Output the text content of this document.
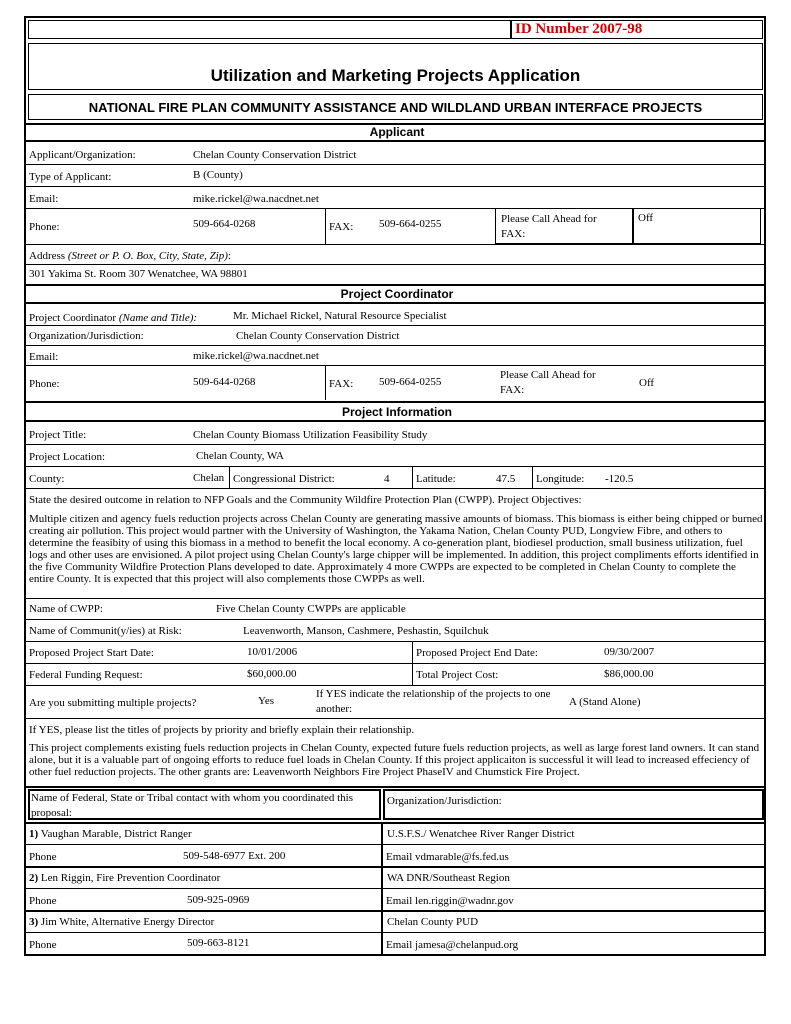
ID Number 2007-98
Utilization and Marketing Projects Application
NATIONAL FIRE PLAN COMMUNITY ASSISTANCE AND WILDLAND URBAN INTERFACE PROJECTS
Applicant
Applicant/Organization:	Chelan County Conservation District
Type of Applicant:	B (County)
Email:	mike.rickel@wa.nacdnet.net
Phone:	509-664-0268	FAX: 509-664-0255	Please Call Ahead for FAX:
Off
Address (Street or P. O. Box, City, State, Zip):
301 Yakima St. Room 307 Wenatchee, WA 98801
Project Coordinator
Project Coordinator (Name and Title):	Mr. Michael Rickel, Natural Resource Specialist
Organization/Jurisdiction:	Chelan County Conservation District
Email:	mike.rickel@wa.nacdnet.net
Phone:	509-644-0268	FAX: 509-664-0255
Please Call Ahead for FAX:
Off
Project Information
Project Title:	Chelan County Biomass Utilization Feasibility Study
Project Location:	Chelan County, WA
County:	Chelan Congressional District:	4 Latitude:	47.5 Longitude: -120.5
State the desired outcome in relation to NFP Goals and the Community Wildfire Protection Plan (CWPP). Project Objectives:
Multiple citizen and agency fuels reduction projects across Chelan County are generating massive amounts of biomass. This biomass is either being chipped or burned creating air pollution. This project would partner with the University of Washington, the Yakama Nation, Chelan County PUD, Longview Fibre, and others to determine the feasibity of using this biomass in a method to benefit the local economy. A co-generation plant, biodiesel production, small business utilization, fuel logs and other uses are envisioned. A pilot project using Chelan County's large chipper will be implemented. In addition, this project compliments efforts identified in the five Community Wildfire Protection Plans developed to date. Approximately 4 more CWPPs are expected to be completed in Chelan County to complete the entire County. It is expected that this project will also complements those CWPPs as well.
Name of CWPP:	Five Chelan County CWPPs are applicable
Name of Communit(y/ies) at Risk:	Leavenworth, Manson, Cashmere, Peshastin, Squilchuk
Proposed Project Start Date:	10/01/2006	Proposed Project End Date:	09/30/2007
Federal Funding Request:	$60,000.00	Total Project Cost:	$86,000.00
Are you submitting multiple projects?	Yes
If YES indicate the relationship of the projects to one another:
A (Stand Alone)
If YES, please list the titles of projects by priority and briefly explain their relationship.
This project complements existing fuels reduction projects in Chelan County, expected future fuels reduction projects, as well as large forest land owners. It can stand alone, but it is a valuable part of ongoing efforts to reduce fuel loads in Chelan County. If this project applicaiton is successful it will lead to increased effeciency of other fuel reduction projects. The other grants are: Leavenworth Neighbors Fire Project PhaseIV and Chumstick Fire Project.
Name of Federal, State or Tribal contact with whom you coordinated this proposal:
Organization/Jurisdiction:
1) Vaughan Marable, District Ranger	U.S.F.S./ Wenatchee River Ranger District
Phone	509-548-6977 Ext. 200	Email vdmarable@fs.fed.us
2) Len Riggin, Fire Prevention Coordinator	WA DNR/Southeast Region
Phone	509-925-0969	Email len.riggin@wadnr.gov
3) Jim White, Alternative Energy Director	Chelan County PUD
Phone	509-663-8121	Email jamesa@chelanpud.org
